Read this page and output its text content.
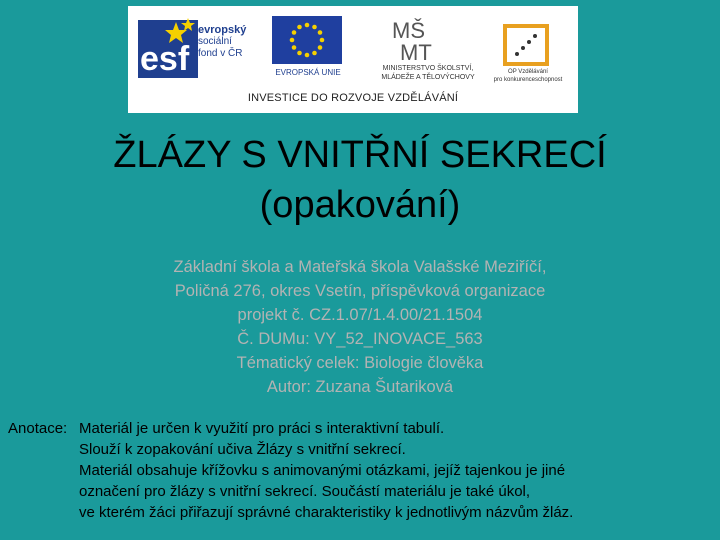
esf
evropský
sociální
fond v ČR
EVROPSKÁ UNIE
MŠ
MT
MINISTERSTVO ŠKOLSTVÍ,
MLÁDEŽE A TĚLOVÝCHOVY
OP Vzdělávání
pro konkurenceschopnost
INVESTICE DO ROZVOJE VZDĚLÁVÁNÍ
ŽLÁZY S VNITŘNÍ SEKRECÍ
(opakování)
Základní škola a Mateřská škola Valašské Meziříčí,
Poličná 276, okres Vsetín, příspěvková organizace
projekt č. CZ.1.07/1.4.00/21.1504
Č. DUMu: VY_52_INOVACE_563
Tématický celek: Biologie člověka
Autor: Zuzana Šutariková
Anotace: Materiál je určen k využití pro práci s interaktivní tabulí.
Slouží k zopakování učiva Žlázy s vnitřní sekrecí.
Materiál obsahuje křížovku s animovanými otázkami, jejíž tajenkou je jiné
označení pro žlázy s vnitřní sekrecí. Součástí materiálu je také úkol,
ve kterém žáci přiřazují správné charakteristiky k jednotlivým názvům žláz.
